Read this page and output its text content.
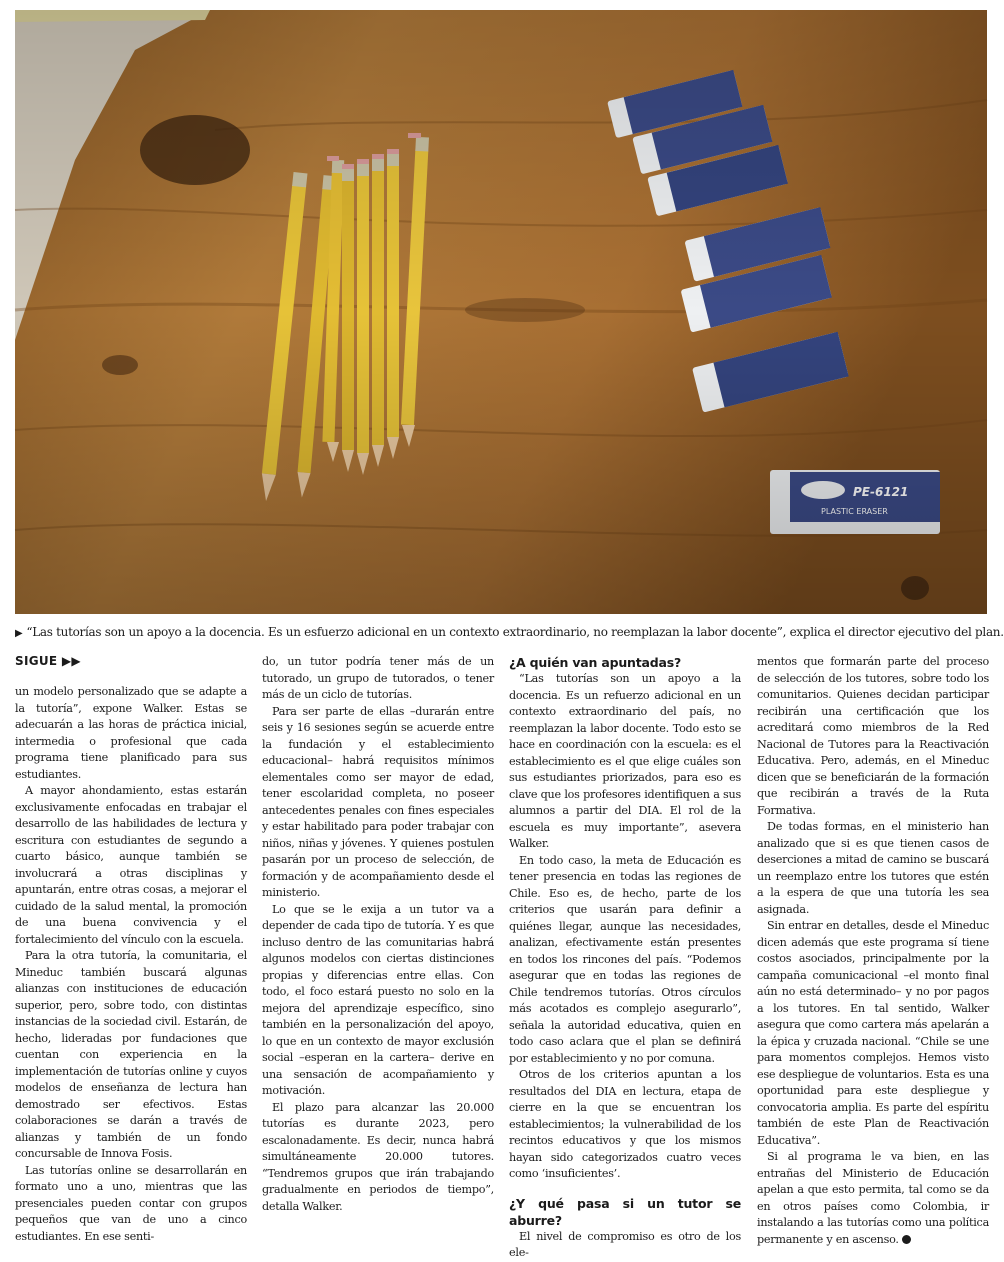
▶ “Las tutorías son un apoyo a la docencia. Es un esfuerzo adicional en un contexto extraordinario, no reemplazan la labor docente”, explica el director ejecutivo del plan.
SIGUE ▶▶

un modelo personalizado que se adapte a la tutoría”, expone Walker. Estas se adecuarán a las horas de práctica inicial, intermedia o profesional que cada programa tiene planificado para sus estudiantes.

A mayor ahondamiento, estas estarán exclusivamente enfocadas en trabajar el desarrollo de las habilidades de lectura y escritura con estudiantes de segundo a cuarto básico, aunque también se involucrará a otras disciplinas y apuntarán, entre otras cosas, a mejorar el cuidado de la salud mental, la promoción de una buena convivencia y el fortalecimiento del vínculo con la escuela.

Para la otra tutoría, la comunitaria, el Mineduc también buscará algunas alianzas con instituciones de educación superior, pero, sobre todo, con distintas instancias de la sociedad civil. Estarán, de hecho, lideradas por fundaciones que cuentan con experiencia en la implementación de tutorías online y cuyos modelos de enseñanza de lectura han demostrado ser efectivos. Estas colaboraciones se darán a través de alianzas y también de un fondo concursable de Innova Fosis.

Las tutorías online se desarrollarán en formato uno a uno, mientras que las presenciales pueden contar con grupos pequeños que van de uno a cinco estudiantes. En ese senti-

do, un tutor podría tener más de un tutorado, un grupo de tutorados, o tener más de un ciclo de tutorías.

Para ser parte de ellas –durarán entre seis y 16 sesiones según se acuerde entre la fundación y el establecimiento educacional– habrá requisitos mínimos elementales como ser mayor de edad, tener escolaridad completa, no poseer antecedentes penales con fines especiales y estar habilitado para poder trabajar con niños, niñas y jóvenes. Y quienes postulen pasarán por un proceso de selección, de formación y de acompañamiento desde el ministerio.

Lo que se le exija a un tutor va a depender de cada tipo de tutoría. Y es que incluso dentro de las comunitarias habrá algunos modelos con ciertas distinciones propias y diferencias entre ellas. Con todo, el foco estará puesto no solo en la mejora del aprendizaje específico, sino también en la personalización del apoyo, lo que en un contexto de mayor exclusión social –esperan en la cartera– derive en una sensación de acompañamiento y motivación.

El plazo para alcanzar las 20.000 tutorías es durante 2023, pero escalonadamente. Es decir, nunca habrá simultáneamente 20.000 tutores. “Tendremos grupos que irán trabajando gradualmente en periodos de tiempo”, detalla Walker.

¿A quién van apuntadas?

“Las tutorías son un apoyo a la docencia. Es un refuerzo adicional en un contexto extraordinario del país, no reemplazan la labor docente. Todo esto se hace en coordinación con la escuela: es el establecimiento es el que elige cuáles son sus estudiantes priorizados, para eso es clave que los profesores identifiquen a sus alumnos a partir del DIA. El rol de la escuela es muy importante”, asevera Walker.

En todo caso, la meta de Educación es tener presencia en todas las regiones de Chile. Eso es, de hecho, parte de los criterios que usarán para definir a quiénes llegar, aunque las necesidades, analizan, efectivamente están presentes en todos los rincones del país. “Podemos asegurar que en todas las regiones de Chile tendremos tutorías. Otros círculos más acotados es complejo asegurarlo”, señala la autoridad educativa, quien en todo caso aclara que el plan se definirá por establecimiento y no por comuna.

Otros de los criterios apuntan a los resultados del DIA en lectura, etapa de cierre en la que se encuentran los establecimientos; la vulnerabilidad de los recintos educativos y que los mismos hayan sido categorizados cuatro veces como ‘insuficientes’.

¿Y qué pasa si un tutor se aburre?

El nivel de compromiso es otro de los ele-

mentos que formarán parte del proceso de selección de los tutores, sobre todo los comunitarios. Quienes decidan participar recibirán una certificación que los acreditará como miembros de la Red Nacional de Tutores para la Reactivación Educativa. Pero, además, en el Mineduc dicen que se beneficiarán de la formación que recibirán a través de la Ruta Formativa.

De todas formas, en el ministerio han analizado que si es que tienen casos de deserciones a mitad de camino se buscará un reemplazo entre los tutores que estén a la espera de que una tutoría les sea asignada.

Sin entrar en detalles, desde el Mineduc dicen además que este programa sí tiene costos asociados, principalmente por la campaña comunicacional –el monto final aún no está determinado– y no por pagos a los tutores. En tal sentido, Walker asegura que como cartera más apelarán a la épica y cruzada nacional. “Chile se une para momentos complejos. Hemos visto ese despliegue de voluntarios. Esta es una oportunidad para este despliegue y convocatoria amplia. Es parte del espíritu también de este Plan de Reactivación Educativa”.

Si al programa le va bien, en las entrañas del Ministerio de Educación apelan a que esto permita, tal como se da en otros países como Colombia, ir instalando a las tutorías como una política permanente y en ascenso.
